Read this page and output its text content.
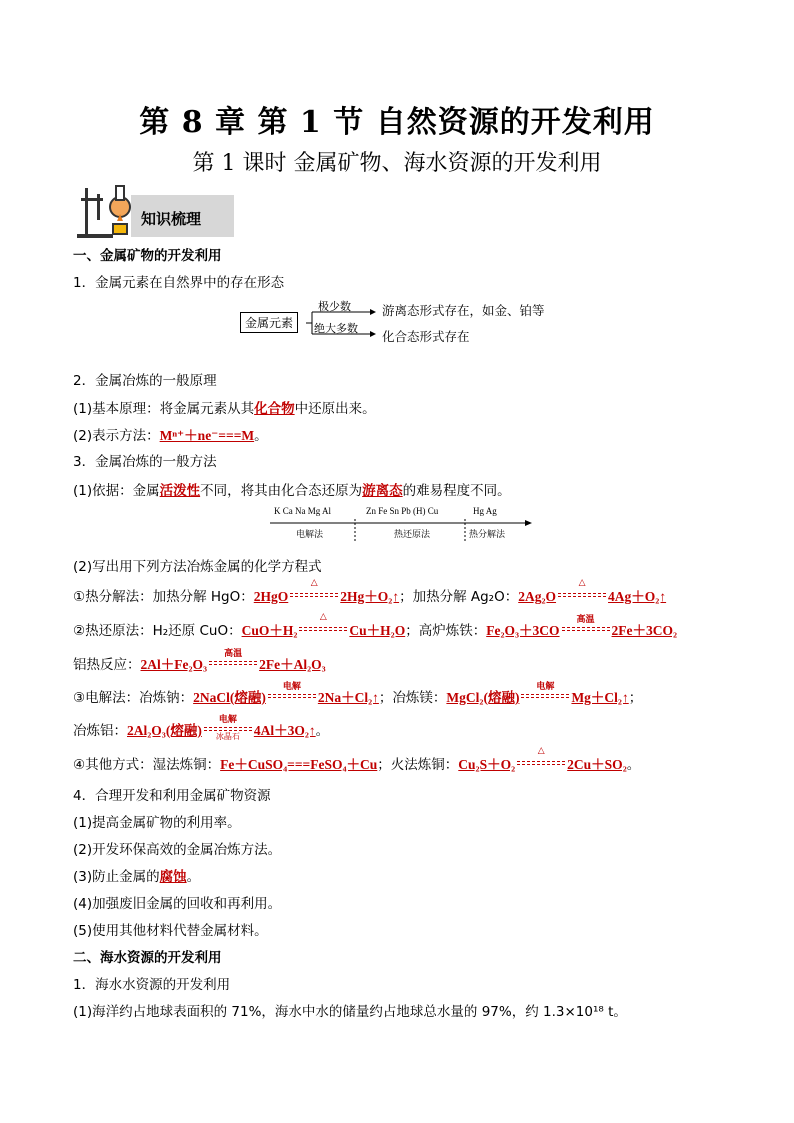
第 8 章 第 1 节 自然资源的开发利用
第 1 课时 金属矿物、海水资源的开发利用
知识梳理
一、金属矿物的开发利用
1．金属元素在自然界中的存在形态
金属元素
极少数
绝大多数
游离态形式存在，如金、铂等
化合态形式存在
2．金属冶炼的一般原理
(1)基本原理：将金属元素从其化合物中还原出来。
(2)表示方法：Mⁿ⁺＋ne⁻===M。
3．金属冶炼的一般方法
(1)依据：金属活泼性不同，将其由化合态还原为游离态的难易程度不同。
K Ca Na Mg Al	Zn Fe Sn Pb (H) Cu	Hg Ag
电解法	热还原法	热分解法
(2)写出用下列方法冶炼金属的化学方程式
①热分解法：加热分解 HgO：2HgO
△
2Hg＋O₂↑；加热分解 Ag₂O：2Ag₂O
△
4Ag＋O₂↑
②热还原法：H₂还原 CuO：CuO＋H₂
△
Cu＋H₂O；高炉炼铁：Fe₂O₃＋3CO
高温
2Fe＋3CO₂
铝热反应：2Al＋Fe₂O₃
高温
2Fe＋Al₂O₃
③电解法：冶炼钠：2NaCl(熔融)
电解
2Na＋Cl₂↑；冶炼镁：MgCl₂(熔融)
电解
Mg＋Cl₂↑；
冶炼铝：2Al₂O₃(熔融)
电解
冰晶石	4Al＋3O₂↑。
④其他方式：湿法炼铜：Fe＋CuSO₄===FeSO₄＋Cu；火法炼铜：Cu₂S＋O₂
△
2Cu＋SO₂。
4．合理开发和利用金属矿物资源
(1)提高金属矿物的利用率。
(2)开发环保高效的金属冶炼方法。
(3)防止金属的腐蚀。
(4)加强废旧金属的回收和再利用。
(5)使用其他材料代替金属材料。
二、海水资源的开发利用
1．海水水资源的开发利用
(1)海洋约占地球表面积的 71%，海水中水的储量约占地球总水量的 97%，约 1.3×10¹⁸ t。
